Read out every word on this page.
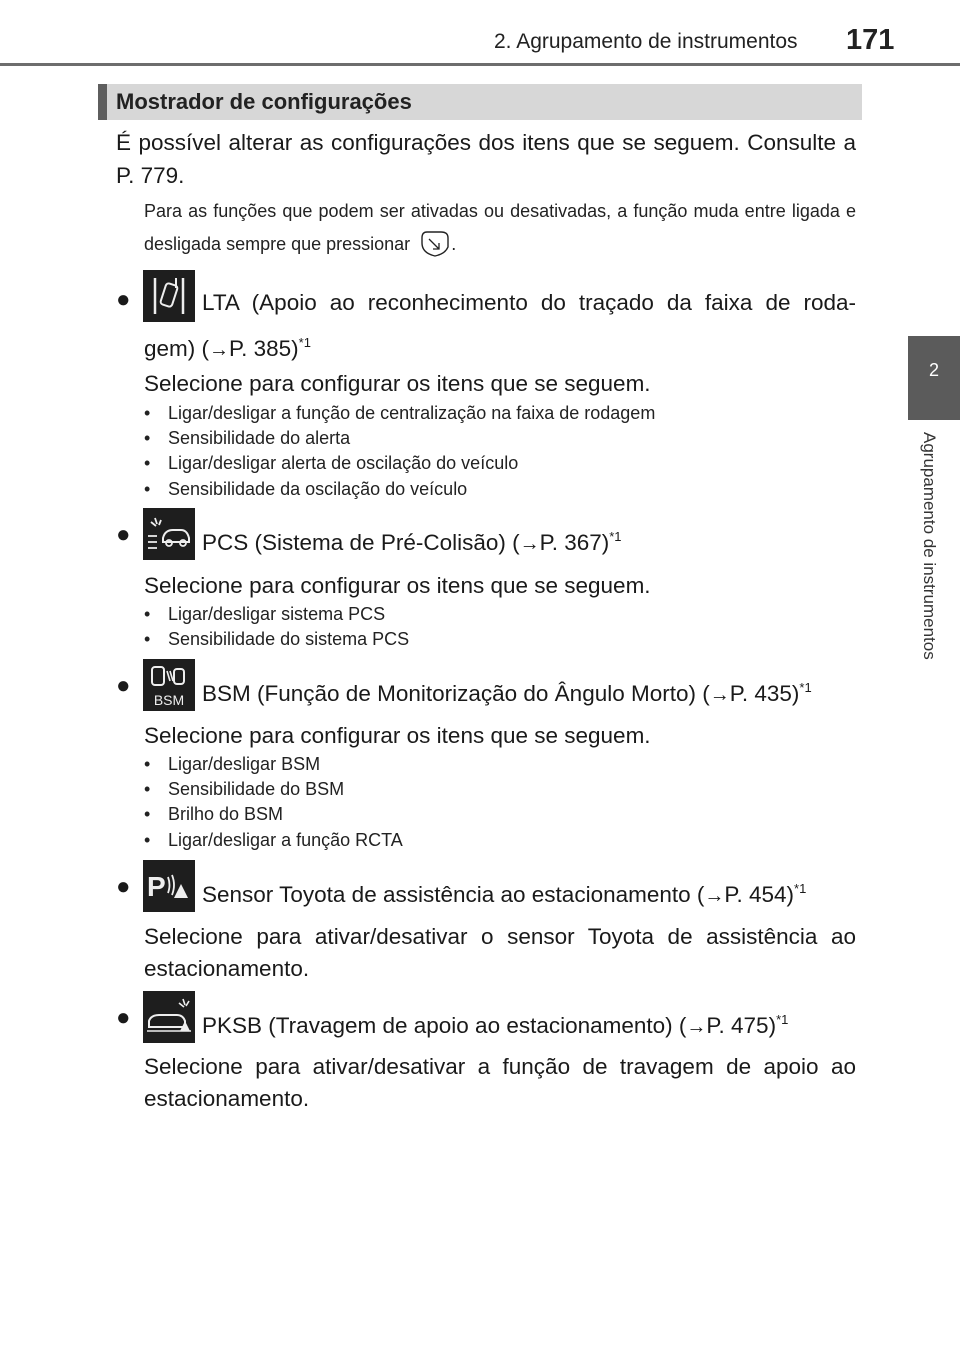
2. Agrupamento de instrumentos 171
2
Agrupamento de instrumentos
Mostrador de configurações
É possível alterar as configurações dos itens que se seguem. Consulte a P. 779.
Para as funções que podem ser ativadas ou desativadas, a função muda entre ligada e desligada sempre que pressionar .
●	LTA (Apoio ao reconhecimento do traçado da faixa de roda-
gem) (→P. 385)$^{*1}$
Selecione para configurar os itens que se seguem.
• Ligar/desligar a função de centralização na faixa de rodagem
• Sensibilidade do alerta
• Ligar/desligar alerta de oscilação do veículo
• Sensibilidade da oscilação do veículo
●	PCS (Sistema de Pré-Colisão) (→P. 367)$^{*1}$
Selecione para configurar os itens que se seguem.
• Ligar/desligar sistema PCS
• Sensibilidade do sistema PCS
●
BSM BSM (Função de Monitorização do Ângulo Morto) (→P. 435)$^{*1}$
Selecione para configurar os itens que se seguem.
• Ligar/desligar BSM
• Sensibilidade do BSM
• Brilho do BSM
• Ligar/desligar a função RCTA
● P Sensor Toyota de assistência ao estacionamento (→P. 454)$^{*1}$
Selecione para ativar/desativar o sensor Toyota de assistência ao
estacionamento.
●	PKSB (Travagem de apoio ao estacionamento) (→P. 475)$^{*1}$
Selecione para ativar/desativar a função de travagem de apoio ao
estacionamento.
